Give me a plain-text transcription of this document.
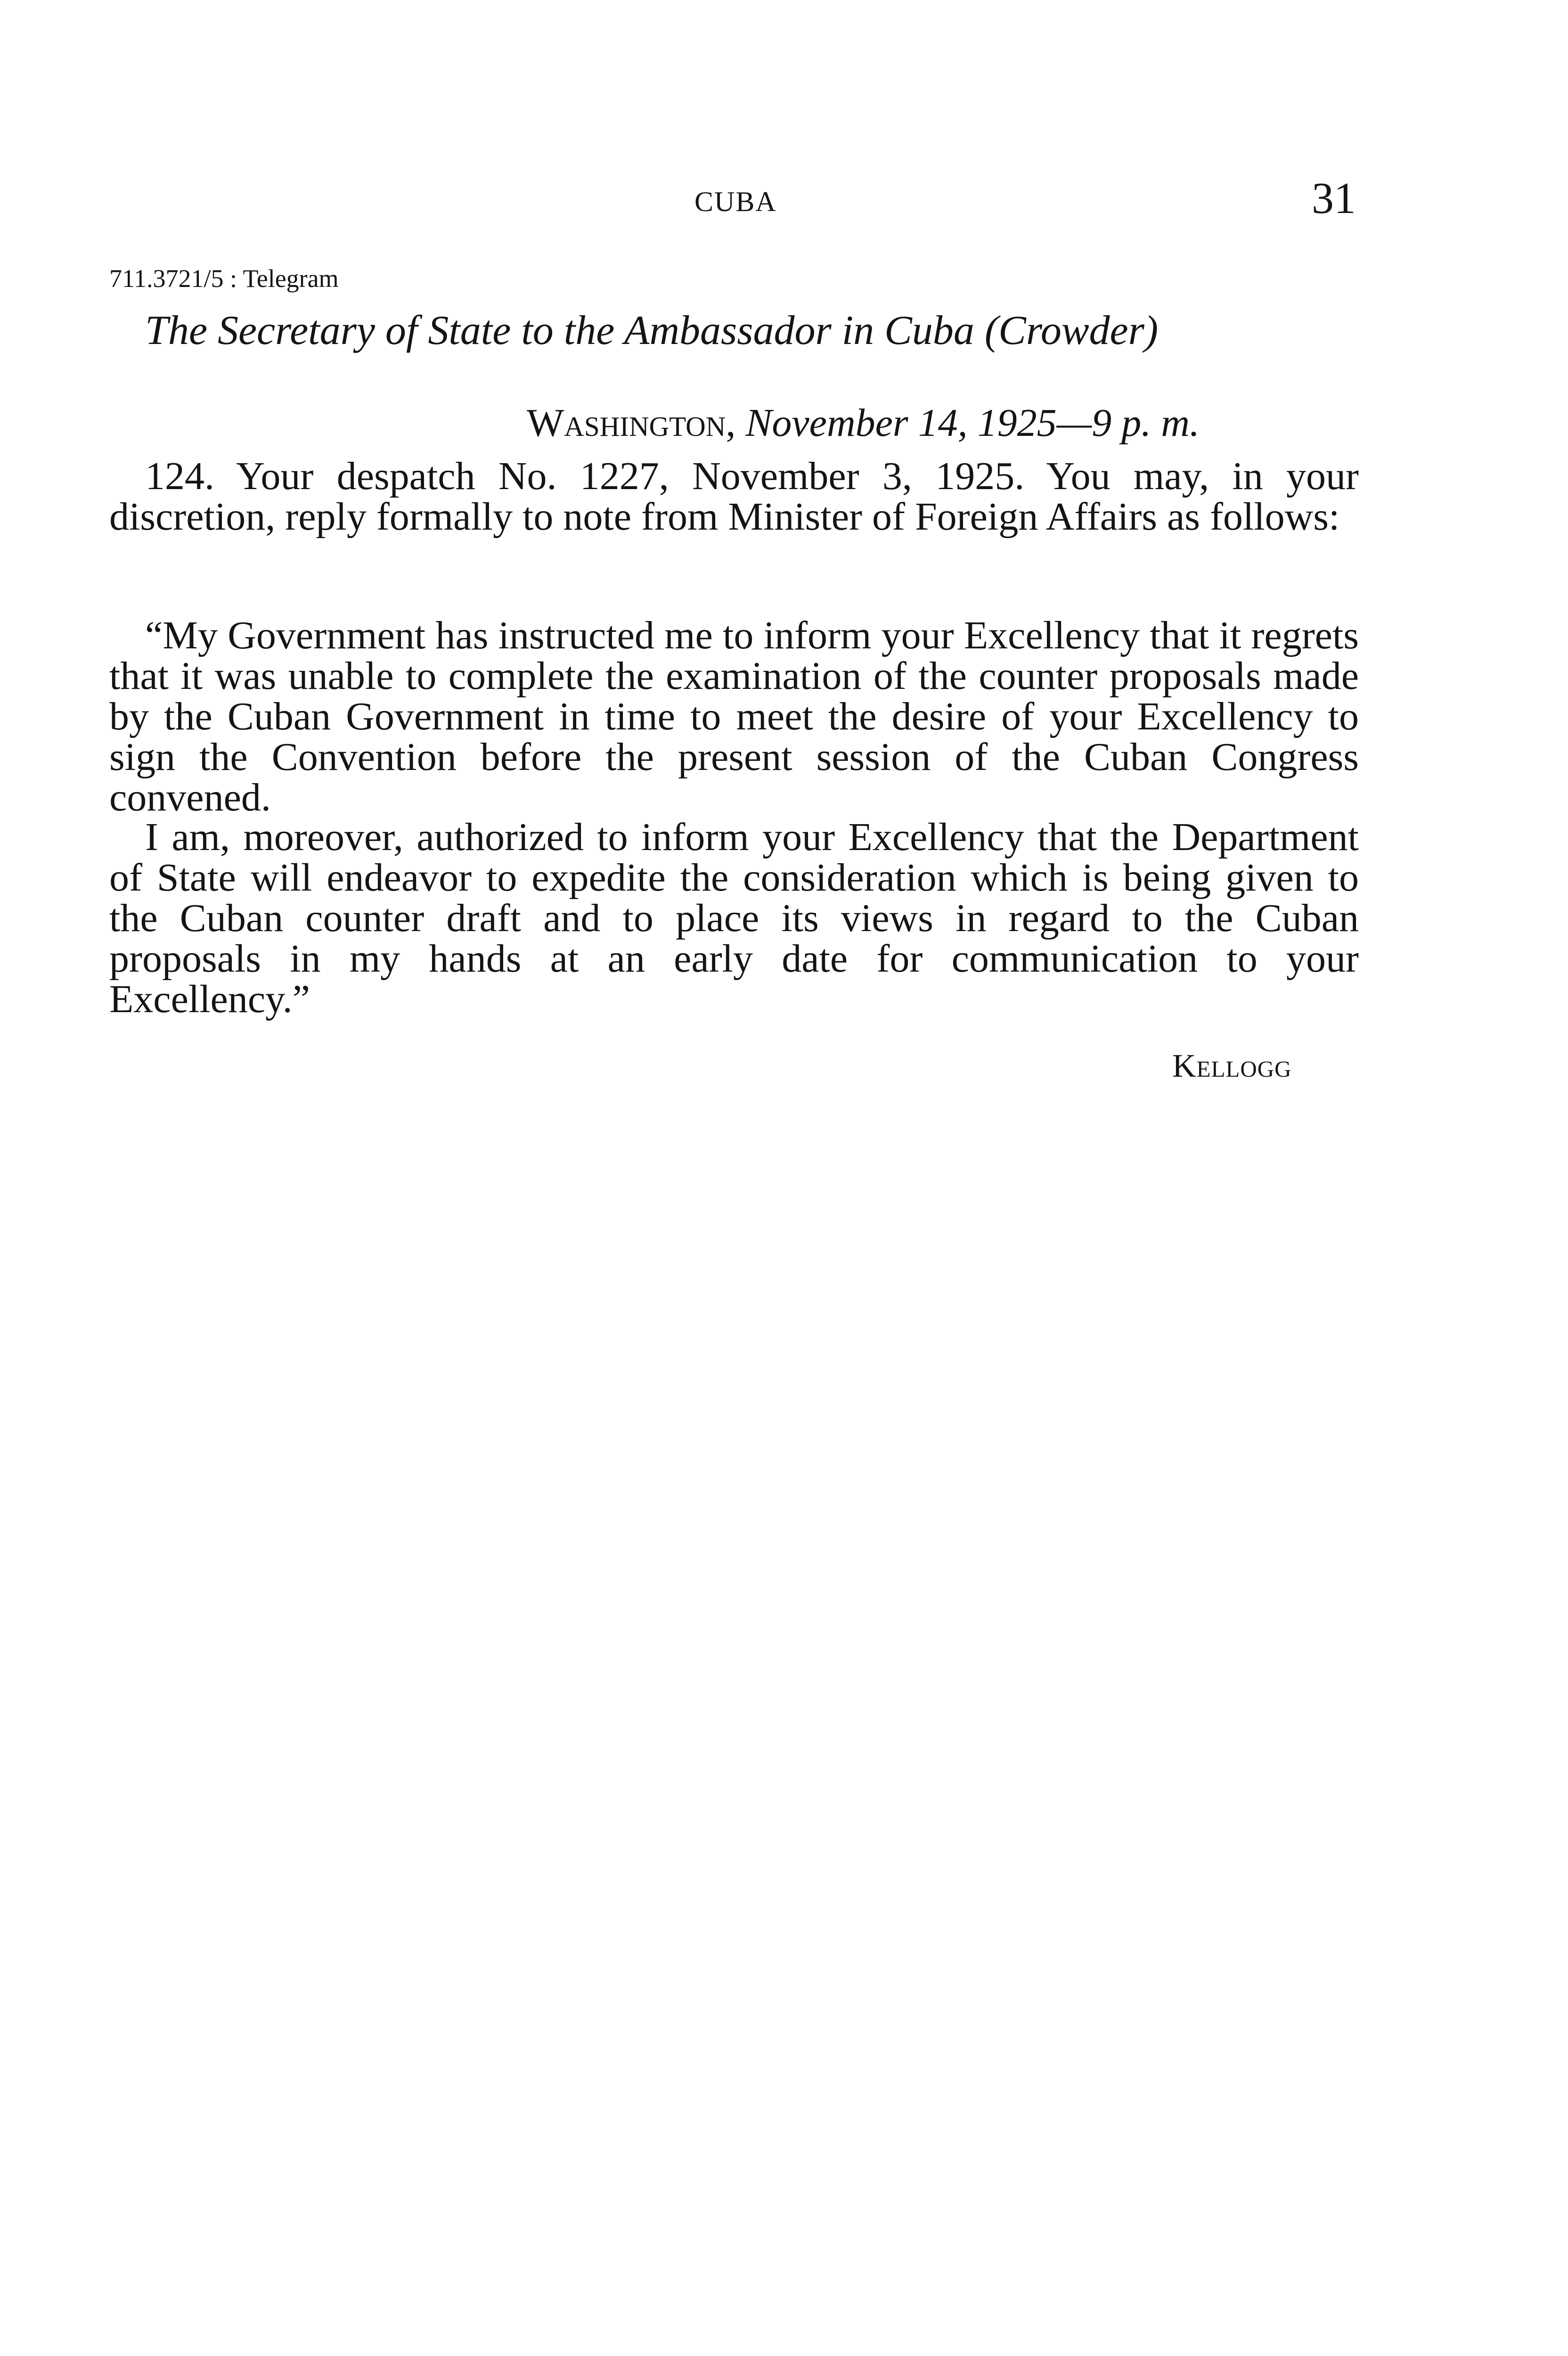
CUBA	31
711.3721/5 : Telegram
The Secretary of State to the Ambassador in Cuba (Crowder)
Washington, November 14, 1925—9 p. m.

124. Your despatch No. 1227, November 3, 1925. You may, in your discretion, reply formally to note from Minister of Foreign Affairs as follows:

“My Government has instructed me to inform your Excellency that it regrets that it was unable to complete the examination of the counter proposals made by the Cuban Government in time to meet the desire of your Excellency to sign the Convention before the present session of the Cuban Congress convened.

I am, moreover, authorized to inform your Excellency that the Department of State will endeavor to expedite the consideration which is being given to the Cuban counter draft and to place its views in regard to the Cuban proposals in my hands at an early date for communication to your Excellency.”

Kellogg
